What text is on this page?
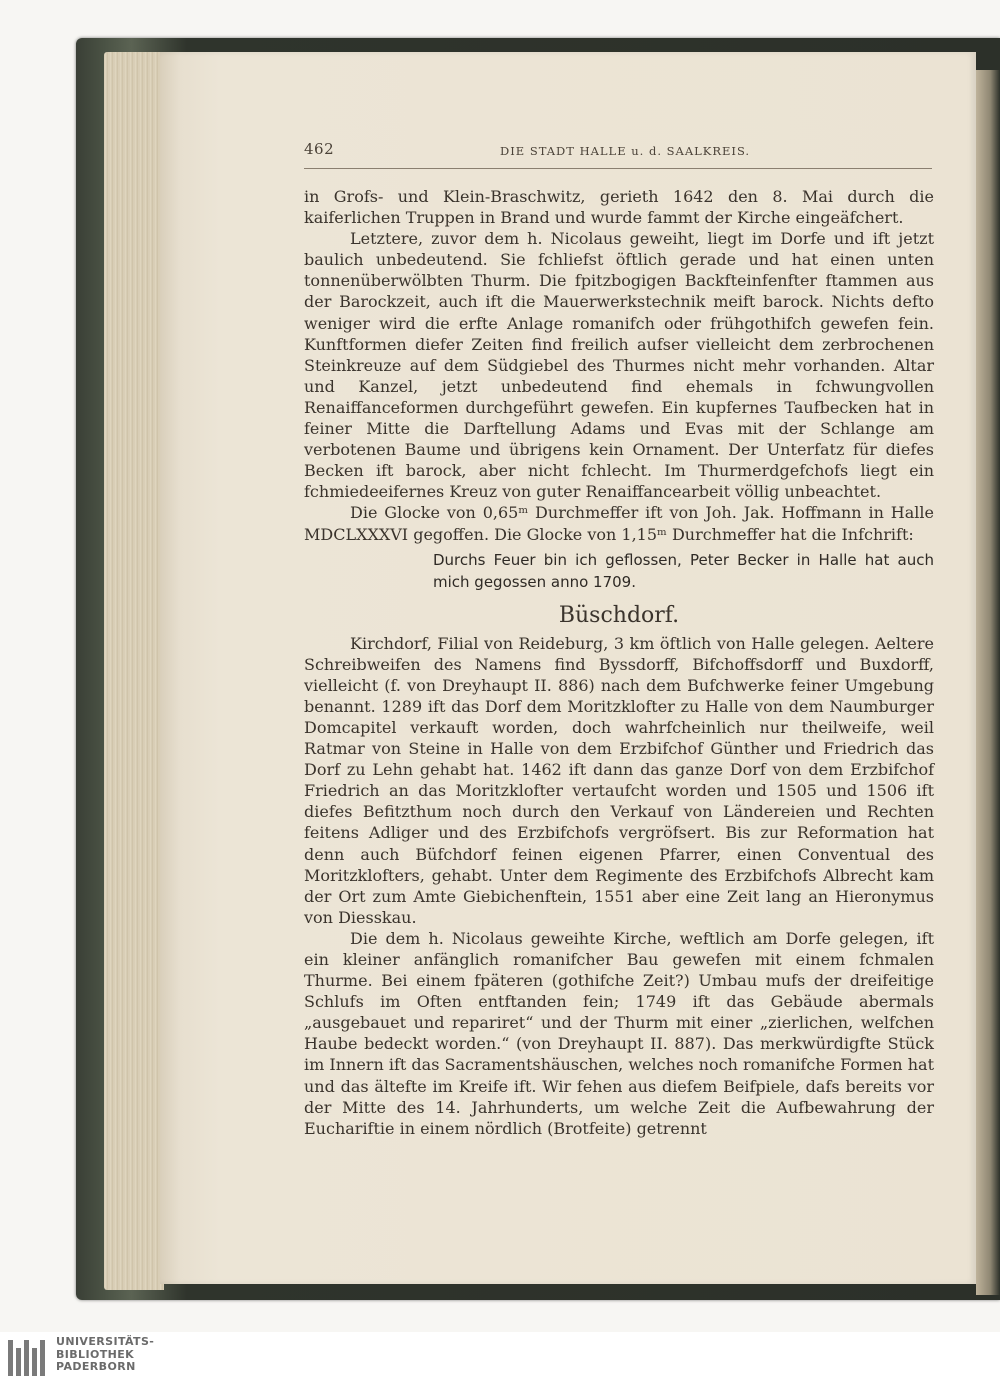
462	DIE STADT HALLE u. d. SAALKREIS.

in Grofs- und Klein-Braschwitz, gerieth 1642 den 8. Mai durch die kaiferlichen Truppen in Brand und wurde fammt der Kirche eingeäfchert.

Letztere, zuvor dem h. Nicolaus geweiht, liegt im Dorfe und ift jetzt baulich unbedeutend. Sie fchliefst öftlich gerade und hat einen unten tonnenüberwölbten Thurm. Die fpitzbogigen Backfteinfenfter ftammen aus der Barockzeit, auch ift die Mauerwerkstechnik meift barock. Nichts defto weniger wird die erfte Anlage romanifch oder frühgothifch gewefen fein. Kunftformen diefer Zeiten find freilich aufser vielleicht dem zerbrochenen Steinkreuze auf dem Südgiebel des Thurmes nicht mehr vorhanden. Altar und Kanzel, jetzt unbedeutend find ehemals in fchwungvollen Renaiffanceformen durchgeführt gewefen. Ein kupfernes Taufbecken hat in feiner Mitte die Darftellung Adams und Evas mit der Schlange am verbotenen Baume und übrigens kein Ornament. Der Unterfatz für diefes Becken ift barock, aber nicht fchlecht. Im Thurmerdgefchofs liegt ein fchmiedeeifernes Kreuz von guter Renaiffancearbeit völlig unbeachtet.

Die Glocke von 0,65ᵐ Durchmeffer ift von Joh. Jak. Hoffmann in Halle MDCLXXXVI gegoffen. Die Glocke von 1,15ᵐ Durchmeffer hat die Infchrift:

Durchs Feuer bin ich geflossen, Peter Becker in Halle hat auch mich gegossen anno 1709.
Büschdorf.

Kirchdorf, Filial von Reideburg, 3 km öftlich von Halle gelegen. Aeltere Schreibweifen des Namens find Byssdorff, Bifchoffsdorff und Buxdorff, vielleicht (f. von Dreyhaupt II. 886) nach dem Bufchwerke feiner Umgebung benannt. 1289 ift das Dorf dem Moritzklofter zu Halle von dem Naumburger Domcapitel verkauft worden, doch wahrfcheinlich nur theilweife, weil Ratmar von Steine in Halle von dem Erzbifchof Günther und Friedrich das Dorf zu Lehn gehabt hat. 1462 ift dann das ganze Dorf von dem Erzbifchof Friedrich an das Moritzklofter vertaufcht worden und 1505 und 1506 ift diefes Befitzthum noch durch den Verkauf von Ländereien und Rechten feitens Adliger und des Erzbifchofs vergröfsert. Bis zur Reformation hat denn auch Büfchdorf feinen eigenen Pfarrer, einen Conventual des Moritzklofters, gehabt. Unter dem Regimente des Erzbifchofs Albrecht kam der Ort zum Amte Giebichenftein, 1551 aber eine Zeit lang an Hieronymus von Diesskau.

Die dem h. Nicolaus geweihte Kirche, weftlich am Dorfe gelegen, ift ein kleiner anfänglich romanifcher Bau gewefen mit einem fchmalen Thurme. Bei einem fpäteren (gothifche Zeit?) Umbau mufs der dreifeitige Schlufs im Often entftanden fein; 1749 ift das Gebäude abermals „ausgebauet und repariret“ und der Thurm mit einer „zierlichen, welfchen Haube bedeckt worden.“ (von Dreyhaupt II. 887). Das merkwürdigfte Stück im Innern ift das Sacramentshäuschen, welches noch romanifche Formen hat und das ältefte im Kreife ift. Wir fehen aus diefem Beifpiele, dafs bereits vor der Mitte des 14. Jahrhunderts, um welche Zeit die Aufbewahrung der Euchariftie in einem nördlich (Brotfeite) getrennt

UNIVERSITÄTS-
BIBLIOTHEK
PADERBORN
